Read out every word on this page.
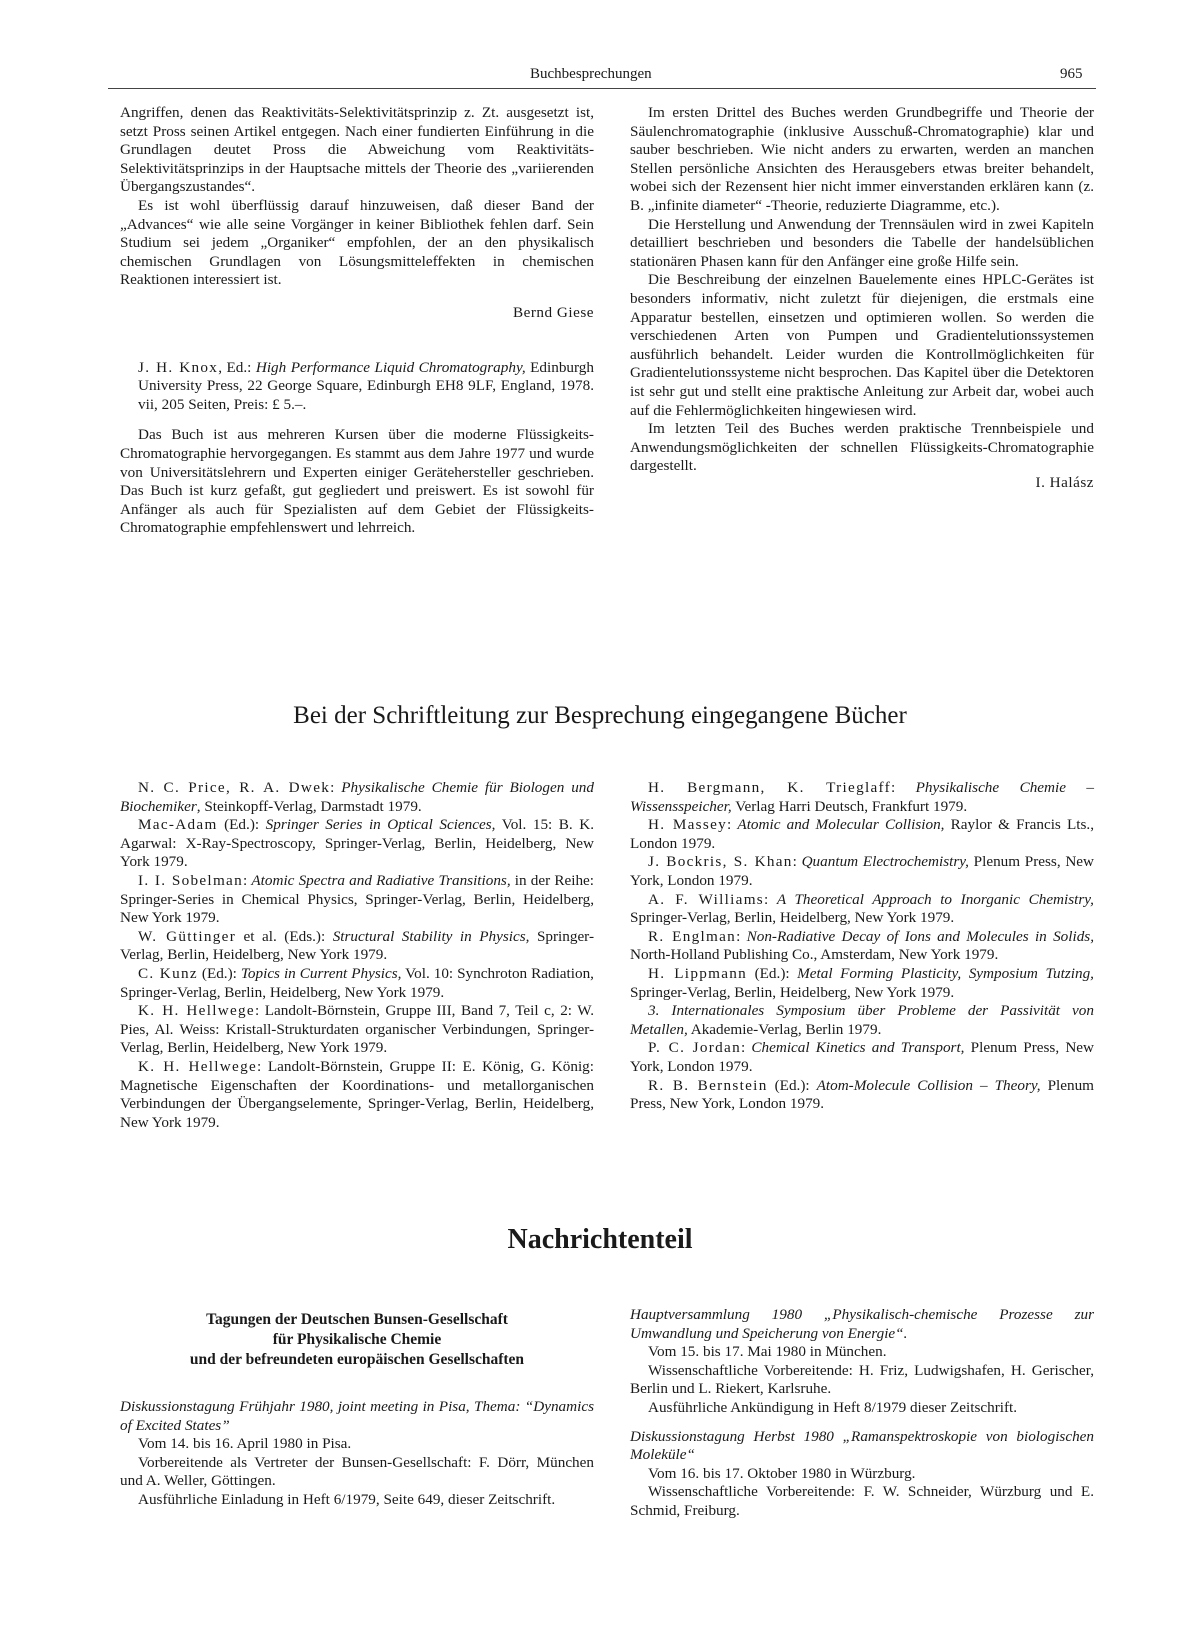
Buchbesprechungen	965

Angriffen, denen das Reaktivitäts-Selektivitätsprinzip z. Zt. ausgesetzt ist, setzt Pross seinen Artikel entgegen. Nach einer fundierten Einführung in die Grundlagen deutet Pross die Abweichung vom Reaktivitäts-Selektivitätsprinzips in der Hauptsache mittels der Theorie des „variierenden Übergangszustandes“.

Es ist wohl überflüssig darauf hinzuweisen, daß dieser Band der „Advances“ wie alle seine Vorgänger in keiner Bibliothek fehlen darf. Sein Studium sei jedem „Organiker“ empfohlen, der an den physikalisch chemischen Grundlagen von Lösungsmitteleffekten in chemischen Reaktionen interessiert ist.

Bernd Giese

J. H. Knox, Ed.: High Performance Liquid Chromatography, Edinburgh University Press, 22 George Square, Edinburgh EH8 9LF, England, 1978. vii, 205 Seiten, Preis: £ 5.–.

Das Buch ist aus mehreren Kursen über die moderne Flüssigkeits-Chromatographie hervorgegangen. Es stammt aus dem Jahre 1977 und wurde von Universitätslehrern und Experten einiger Gerätehersteller geschrieben. Das Buch ist kurz gefaßt, gut gegliedert und preiswert. Es ist sowohl für Anfänger als auch für Spezialisten auf dem Gebiet der Flüssigkeits-Chromatographie empfehlenswert und lehrreich.

Im ersten Drittel des Buches werden Grundbegriffe und Theorie der Säulenchromatographie (inklusive Ausschuß-Chromatographie) klar und sauber beschrieben. Wie nicht anders zu erwarten, werden an manchen Stellen persönliche Ansichten des Herausgebers etwas breiter behandelt, wobei sich der Rezensent hier nicht immer einverstanden erklären kann (z. B. „infinite diameter“ -Theorie, reduzierte Diagramme, etc.).

Die Herstellung und Anwendung der Trennsäulen wird in zwei Kapiteln detailliert beschrieben und besonders die Tabelle der handelsüblichen stationären Phasen kann für den Anfänger eine große Hilfe sein.

Die Beschreibung der einzelnen Bauelemente eines HPLC-Gerätes ist besonders informativ, nicht zuletzt für diejenigen, die erstmals eine Apparatur bestellen, einsetzen und optimieren wollen. So werden die verschiedenen Arten von Pumpen und Gradientelutionssystemen ausführlich behandelt. Leider wurden die Kontrollmöglichkeiten für Gradientelutionssysteme nicht besprochen. Das Kapitel über die Detektoren ist sehr gut und stellt eine praktische Anleitung zur Arbeit dar, wobei auch auf die Fehlermöglichkeiten hingewiesen wird.

Im letzten Teil des Buches werden praktische Trennbeispiele und Anwendungsmöglichkeiten der schnellen Flüssigkeits-Chromatographie dargestellt.

I. Halász

Bei der Schriftleitung zur Besprechung eingegangene Bücher

N. C. Price, R. A. Dwek: Physikalische Chemie für Biologen und Biochemiker, Steinkopff-Verlag, Darmstadt 1979.

Mac-Adam (Ed.): Springer Series in Optical Sciences, Vol. 15: B. K. Agarwal: X-Ray-Spectroscopy, Springer-Verlag, Berlin, Heidelberg, New York 1979.

I. I. Sobelman: Atomic Spectra and Radiative Transitions, in der Reihe: Springer-Series in Chemical Physics, Springer-Verlag, Berlin, Heidelberg, New York 1979.

W. Güttinger et al. (Eds.): Structural Stability in Physics, Springer-Verlag, Berlin, Heidelberg, New York 1979.

C. Kunz (Ed.): Topics in Current Physics, Vol. 10: Synchroton Radiation, Springer-Verlag, Berlin, Heidelberg, New York 1979.

K. H. Hellwege: Landolt-Börnstein, Gruppe III, Band 7, Teil c, 2: W. Pies, Al. Weiss: Kristall-Strukturdaten organischer Verbindungen, Springer-Verlag, Berlin, Heidelberg, New York 1979.

K. H. Hellwege: Landolt-Börnstein, Gruppe II: E. König, G. König: Magnetische Eigenschaften der Koordinations- und metallorganischen Verbindungen der Übergangselemente, Springer-Verlag, Berlin, Heidelberg, New York 1979.

H. Bergmann, K. Trieglaff: Physikalische Chemie – Wissensspeicher, Verlag Harri Deutsch, Frankfurt 1979.

H. Massey: Atomic and Molecular Collision, Raylor & Francis Lts., London 1979.

J. Bockris, S. Khan: Quantum Electrochemistry, Plenum Press, New York, London 1979.

A. F. Williams: A Theoretical Approach to Inorganic Chemistry, Springer-Verlag, Berlin, Heidelberg, New York 1979.

R. Englman: Non-Radiative Decay of Ions and Molecules in Solids, North-Holland Publishing Co., Amsterdam, New York 1979.

H. Lippmann (Ed.): Metal Forming Plasticity, Symposium Tutzing, Springer-Verlag, Berlin, Heidelberg, New York 1979.

3. Internationales Symposium über Probleme der Passivität von Metallen, Akademie-Verlag, Berlin 1979.

P. C. Jordan: Chemical Kinetics and Transport, Plenum Press, New York, London 1979.

R. B. Bernstein (Ed.): Atom-Molecule Collision – Theory, Plenum Press, New York, London 1979.

Nachrichtenteil
Tagungen der Deutschen Bunsen-Gesellschaft
für Physikalische Chemie
und der befreundeten europäischen Gesellschaften

Diskussionstagung Frühjahr 1980, joint meeting in Pisa, Thema: “Dynamics of Excited States”

Vom 14. bis 16. April 1980 in Pisa.

Vorbereitende als Vertreter der Bunsen-Gesellschaft: F. Dörr, München und A. Weller, Göttingen.

Ausführliche Einladung in Heft 6/1979, Seite 649, dieser Zeitschrift.

Hauptversammlung 1980 „Physikalisch-chemische Prozesse zur Umwandlung und Speicherung von Energie“.

Vom 15. bis 17. Mai 1980 in München.

Wissenschaftliche Vorbereitende: H. Friz, Ludwigshafen, H. Gerischer, Berlin und L. Riekert, Karlsruhe.

Ausführliche Ankündigung in Heft 8/1979 dieser Zeitschrift.

Diskussionstagung Herbst 1980 „Ramanspektroskopie von biologischen Moleküle“

Vom 16. bis 17. Oktober 1980 in Würzburg.

Wissenschaftliche Vorbereitende: F. W. Schneider, Würzburg und E. Schmid, Freiburg.
